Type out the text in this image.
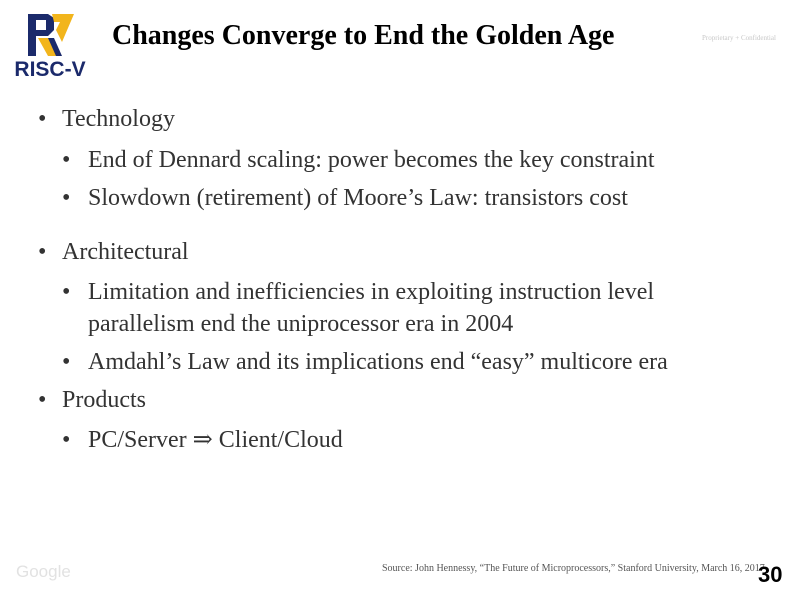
RISC-V
Changes Converge to End the Golden Age	Proprietary + Confidential
• Technology
• End of Dennard scaling: power becomes the key constraint
• Slowdown (retirement) of Moore’s Law: transistors cost
• Architectural
• Limitation and inefficiencies in exploiting instruction level
parallelism end the uniprocessor era in 2004
• Amdahl’s Law and its implications end “easy” multicore era
• Products
• PC/Server ⇒ Client/Cloud
Google	Source: John Hennessy, “The Future of Microprocessors,” Stanford University, March 16, 2017
30
